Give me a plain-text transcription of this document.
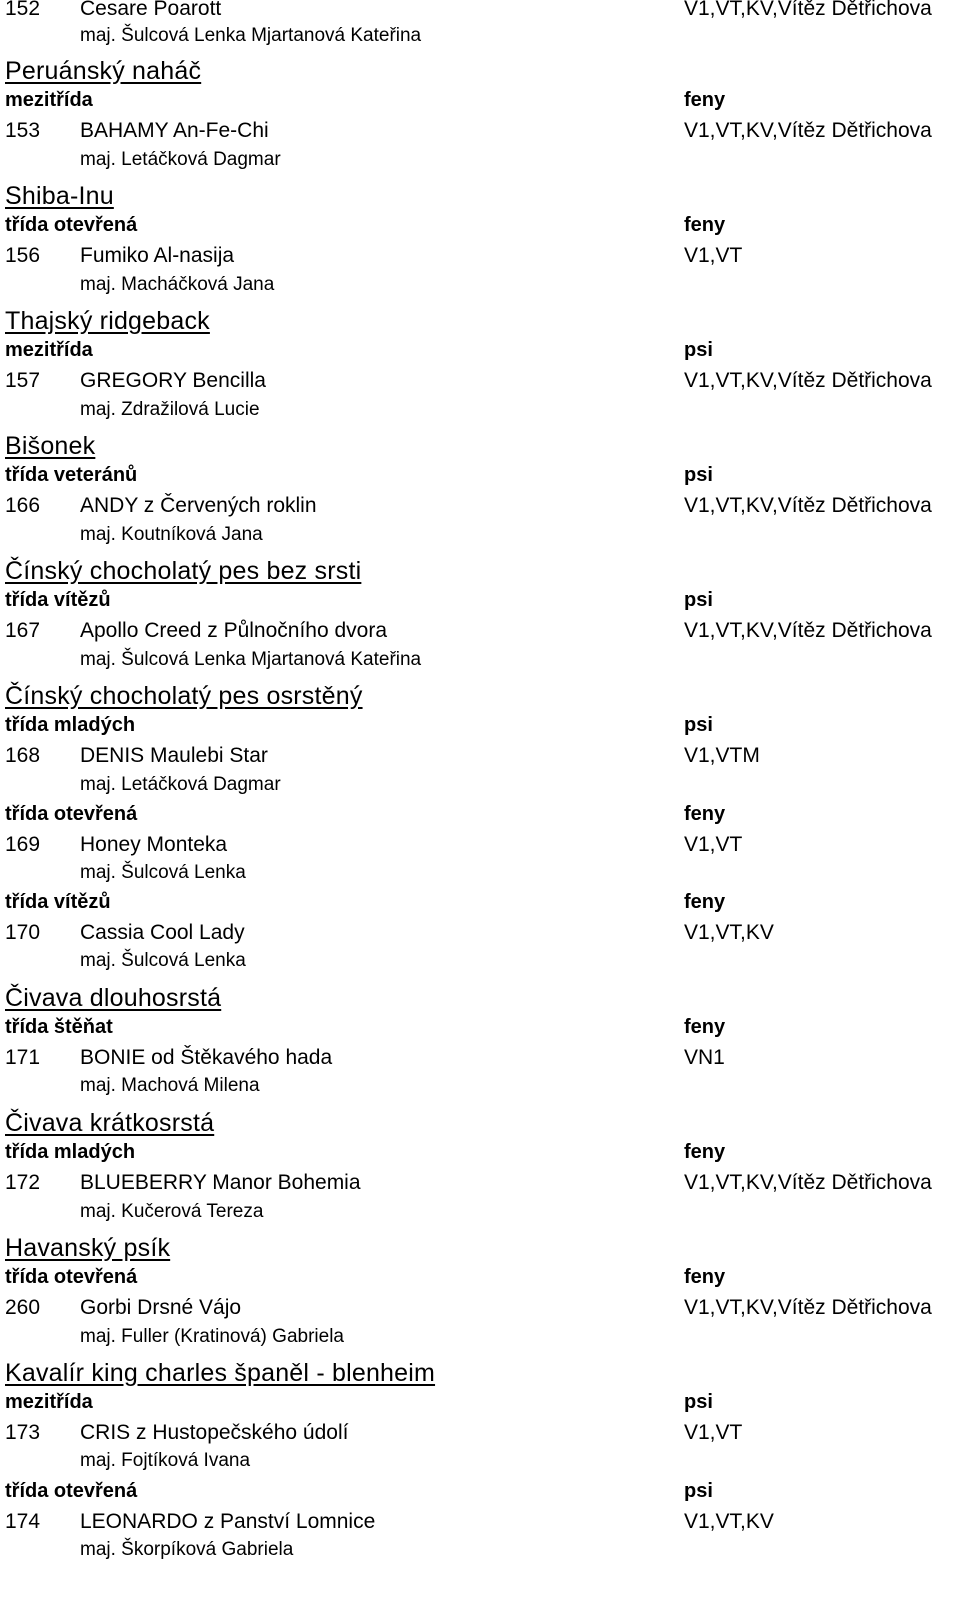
152 Cesare Poarott	V1,VT,KV,Vítěz Dětřichova
maj. Šulcová Lenka Mjartanová Kateřina
Peruánský naháč
mezitřída	feny
153 BAHAMY An-Fe-Chi	V1,VT,KV,Vítěz Dětřichova
maj. Letáčková Dagmar
Shiba-Inu
třída otevřená	feny
156 Fumiko Al-nasija	V1,VT
maj. Macháčková Jana
Thajský ridgeback
mezitřída	psi
157 GREGORY Bencilla	V1,VT,KV,Vítěz Dětřichova
maj. Zdražilová Lucie
Bišonek
třída veteránů	psi
166 ANDY z Červených roklin	V1,VT,KV,Vítěz Dětřichova
maj. Koutníková Jana
Čínský chocholatý pes bez srsti
třída vítězů	psi
167 Apollo Creed z Půlnočního dvora	V1,VT,KV,Vítěz Dětřichova
maj. Šulcová Lenka Mjartanová Kateřina
Čínský chocholatý pes osrstěný
třída mladých	psi
168 DENIS Maulebi Star	V1,VTM
maj. Letáčková Dagmar
třída otevřená	feny
169 Honey Monteka	V1,VT
maj. Šulcová Lenka
třída vítězů	feny
170 Cassia Cool Lady	V1,VT,KV
maj. Šulcová Lenka
Čivava dlouhosrstá
třída štěňat	feny
171 BONIE od Štěkavého hada	VN1
maj. Machová Milena
Čivava krátkosrstá
třída mladých	feny
172 BLUEBERRY Manor Bohemia	V1,VT,KV,Vítěz Dětřichova
maj. Kučerová Tereza
Havanský psík
třída otevřená	feny
260 Gorbi Drsné Vájo	V1,VT,KV,Vítěz Dětřichova
maj. Fuller (Kratinová) Gabriela
Kavalír king charles španěl - blenheim
mezitřída	psi
173 CRIS z Hustopečského údolí	V1,VT
maj. Fojtíková Ivana
třída otevřená	psi
174 LEONARDO z Panství Lomnice	V1,VT,KV
maj. Škorpíková Gabriela
